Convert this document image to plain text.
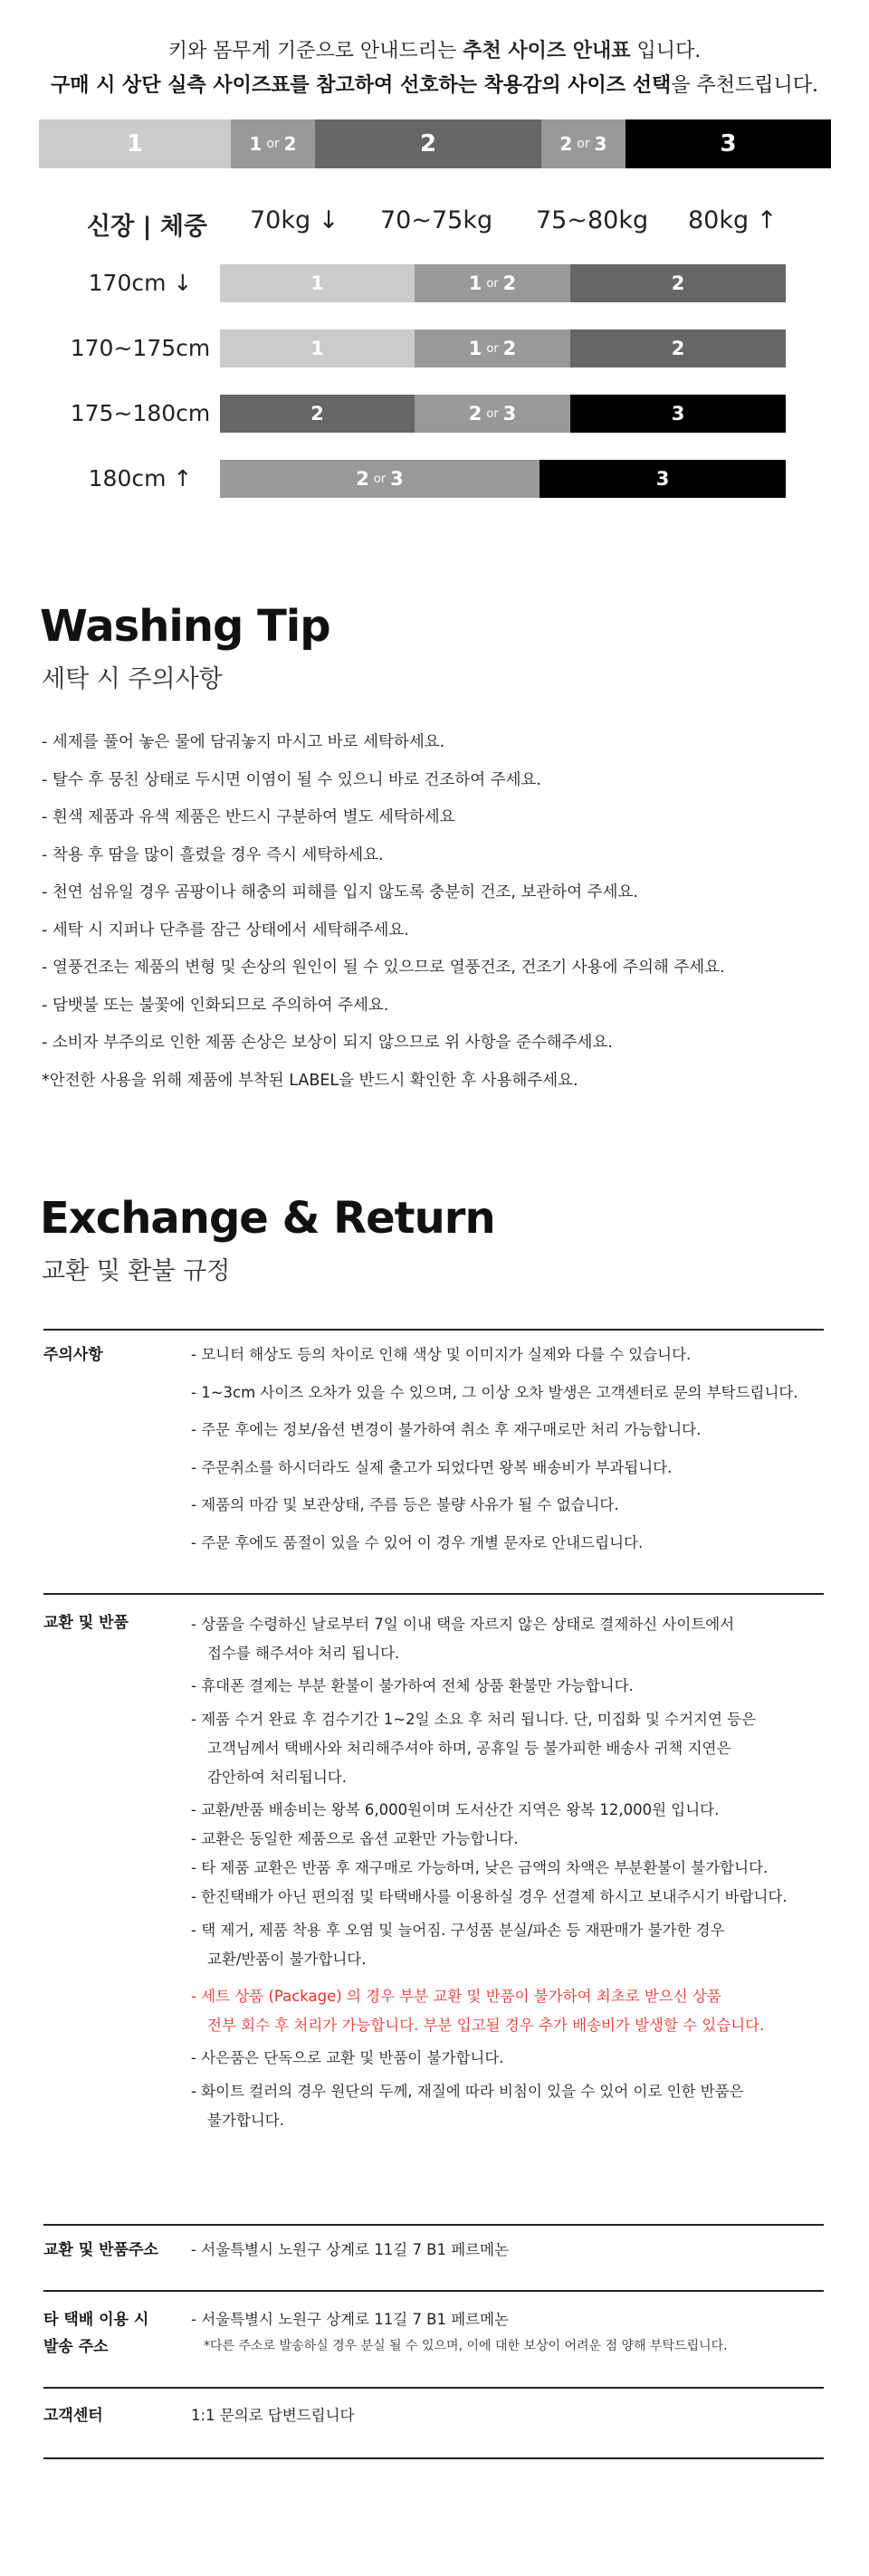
키와 몸무게 기준으로 안내드리는 추천 사이즈 안내표 입니다.

구매 시 상단 실측 사이즈표를 참고하여 선호하는 착용감의 사이즈 선택을 추천드립니다.

1	1 or 2	2	2 or 3	3
신장 | 체중 70kg ↓ 70~75kg 75~80kg 80kg ↑
170cm ↓	1	1 or 2	2
170~175cm	1	1 or 2	2
175~180cm	2	2 or 3	3
180cm ↑	2 or 3	3
Washing Tip

세탁 시 주의사항

- 세제를 풀어 놓은 물에 담궈놓지 마시고 바로 세탁하세요.
- 탈수 후 뭉친 상태로 두시면 이염이 될 수 있으니 바로 건조하여 주세요.
- 흰색 제품과 유색 제품은 반드시 구분하여 별도 세탁하세요
- 착용 후 땀을 많이 흘렸을 경우 즉시 세탁하세요.
- 천연 섬유일 경우 곰팡이나 해충의 피해를 입지 않도록 충분히 건조, 보관하여 주세요.
- 세탁 시 지퍼나 단추를 잠근 상태에서 세탁해주세요.
- 열풍건조는 제품의 변형 및 손상의 원인이 될 수 있으므로 열풍건조, 건조기 사용에 주의해 주세요.
- 담뱃불 또는 불꽃에 인화되므로 주의하여 주세요.
- 소비자 부주의로 인한 제품 손상은 보상이 되지 않으므로 위 사항을 준수해주세요.
*안전한 사용을 위해 제품에 부착된 LABEL을 반드시 확인한 후 사용해주세요.
Exchange & Return

교환 및 환불 규정

주의사항	- 모니터 해상도 등의 차이로 인해 색상 및 이미지가 실제와 다를 수 있습니다.
- 1~3cm 사이즈 오차가 있을 수 있으며, 그 이상 오차 발생은 고객센터로 문의 부탁드립니다.
- 주문 후에는 정보/옵션 변경이 불가하여 취소 후 재구매로만 처리 가능합니다.
- 주문취소를 하시더라도 실제 출고가 되었다면 왕복 배송비가 부과됩니다.
- 제품의 마감 및 보관상태, 주름 등은 불량 사유가 될 수 없습니다.
- 주문 후에도 품절이 있을 수 있어 이 경우 개별 문자로 안내드립니다.
교환 및 반품	- 상품을 수령하신 날로부터 7일 이내 택을 자르지 않은 상태로 결제하신 사이트에서
접수를 해주셔야 처리 됩니다.
- 휴대폰 결제는 부분 환불이 불가하여 전체 상품 환불만 가능합니다.
- 제품 수거 완료 후 검수기간 1~2일 소요 후 처리 됩니다. 단, 미집화 및 수거지연 등은
고객님께서 택배사와 처리해주셔야 하며, 공휴일 등 불가피한 배송사 귀책 지연은
감안하여 처리됩니다.
- 교환/반품 배송비는 왕복 6,000원이며 도서산간 지역은 왕복 12,000원 입니다.
- 교환은 동일한 제품으로 옵션 교환만 가능합니다.
- 타 제품 교환은 반품 후 재구매로 가능하며, 낮은 금액의 차액은 부분환불이 불가합니다.
- 한진택배가 아닌 편의점 및 타택배사를 이용하실 경우 선결제 하시고 보내주시기 바랍니다.
- 택 제거, 제품 착용 후 오염 및 늘어짐. 구성품 분실/파손 등 재판매가 불가한 경우
교환/반품이 불가합니다.
- 세트 상품 (Package) 의 경우 부분 교환 및 반품이 불가하여 최초로 받으신 상품
전부 회수 후 처리가 가능합니다. 부분 입고될 경우 추가 배송비가 발생할 수 있습니다.
- 사은품은 단독으로 교환 및 반품이 불가합니다.
- 화이트 컬러의 경우 원단의 두께, 재질에 따라 비침이 있을 수 있어 이로 인한 반품은
불가합니다.
교환 및 반품주소	- 서울특별시 노원구 상계로 11길 7 B1 페르메논
타 택배 이용 시
발송 주소
- 서울특별시 노원구 상계로 11길 7 B1 페르메논
*다른 주소로 발송하실 경우 분실 될 수 있으며, 이에 대한 보상이 어려운 점 양해 부탁드립니다.
고객센터	1:1 문의로 답변드립니다
